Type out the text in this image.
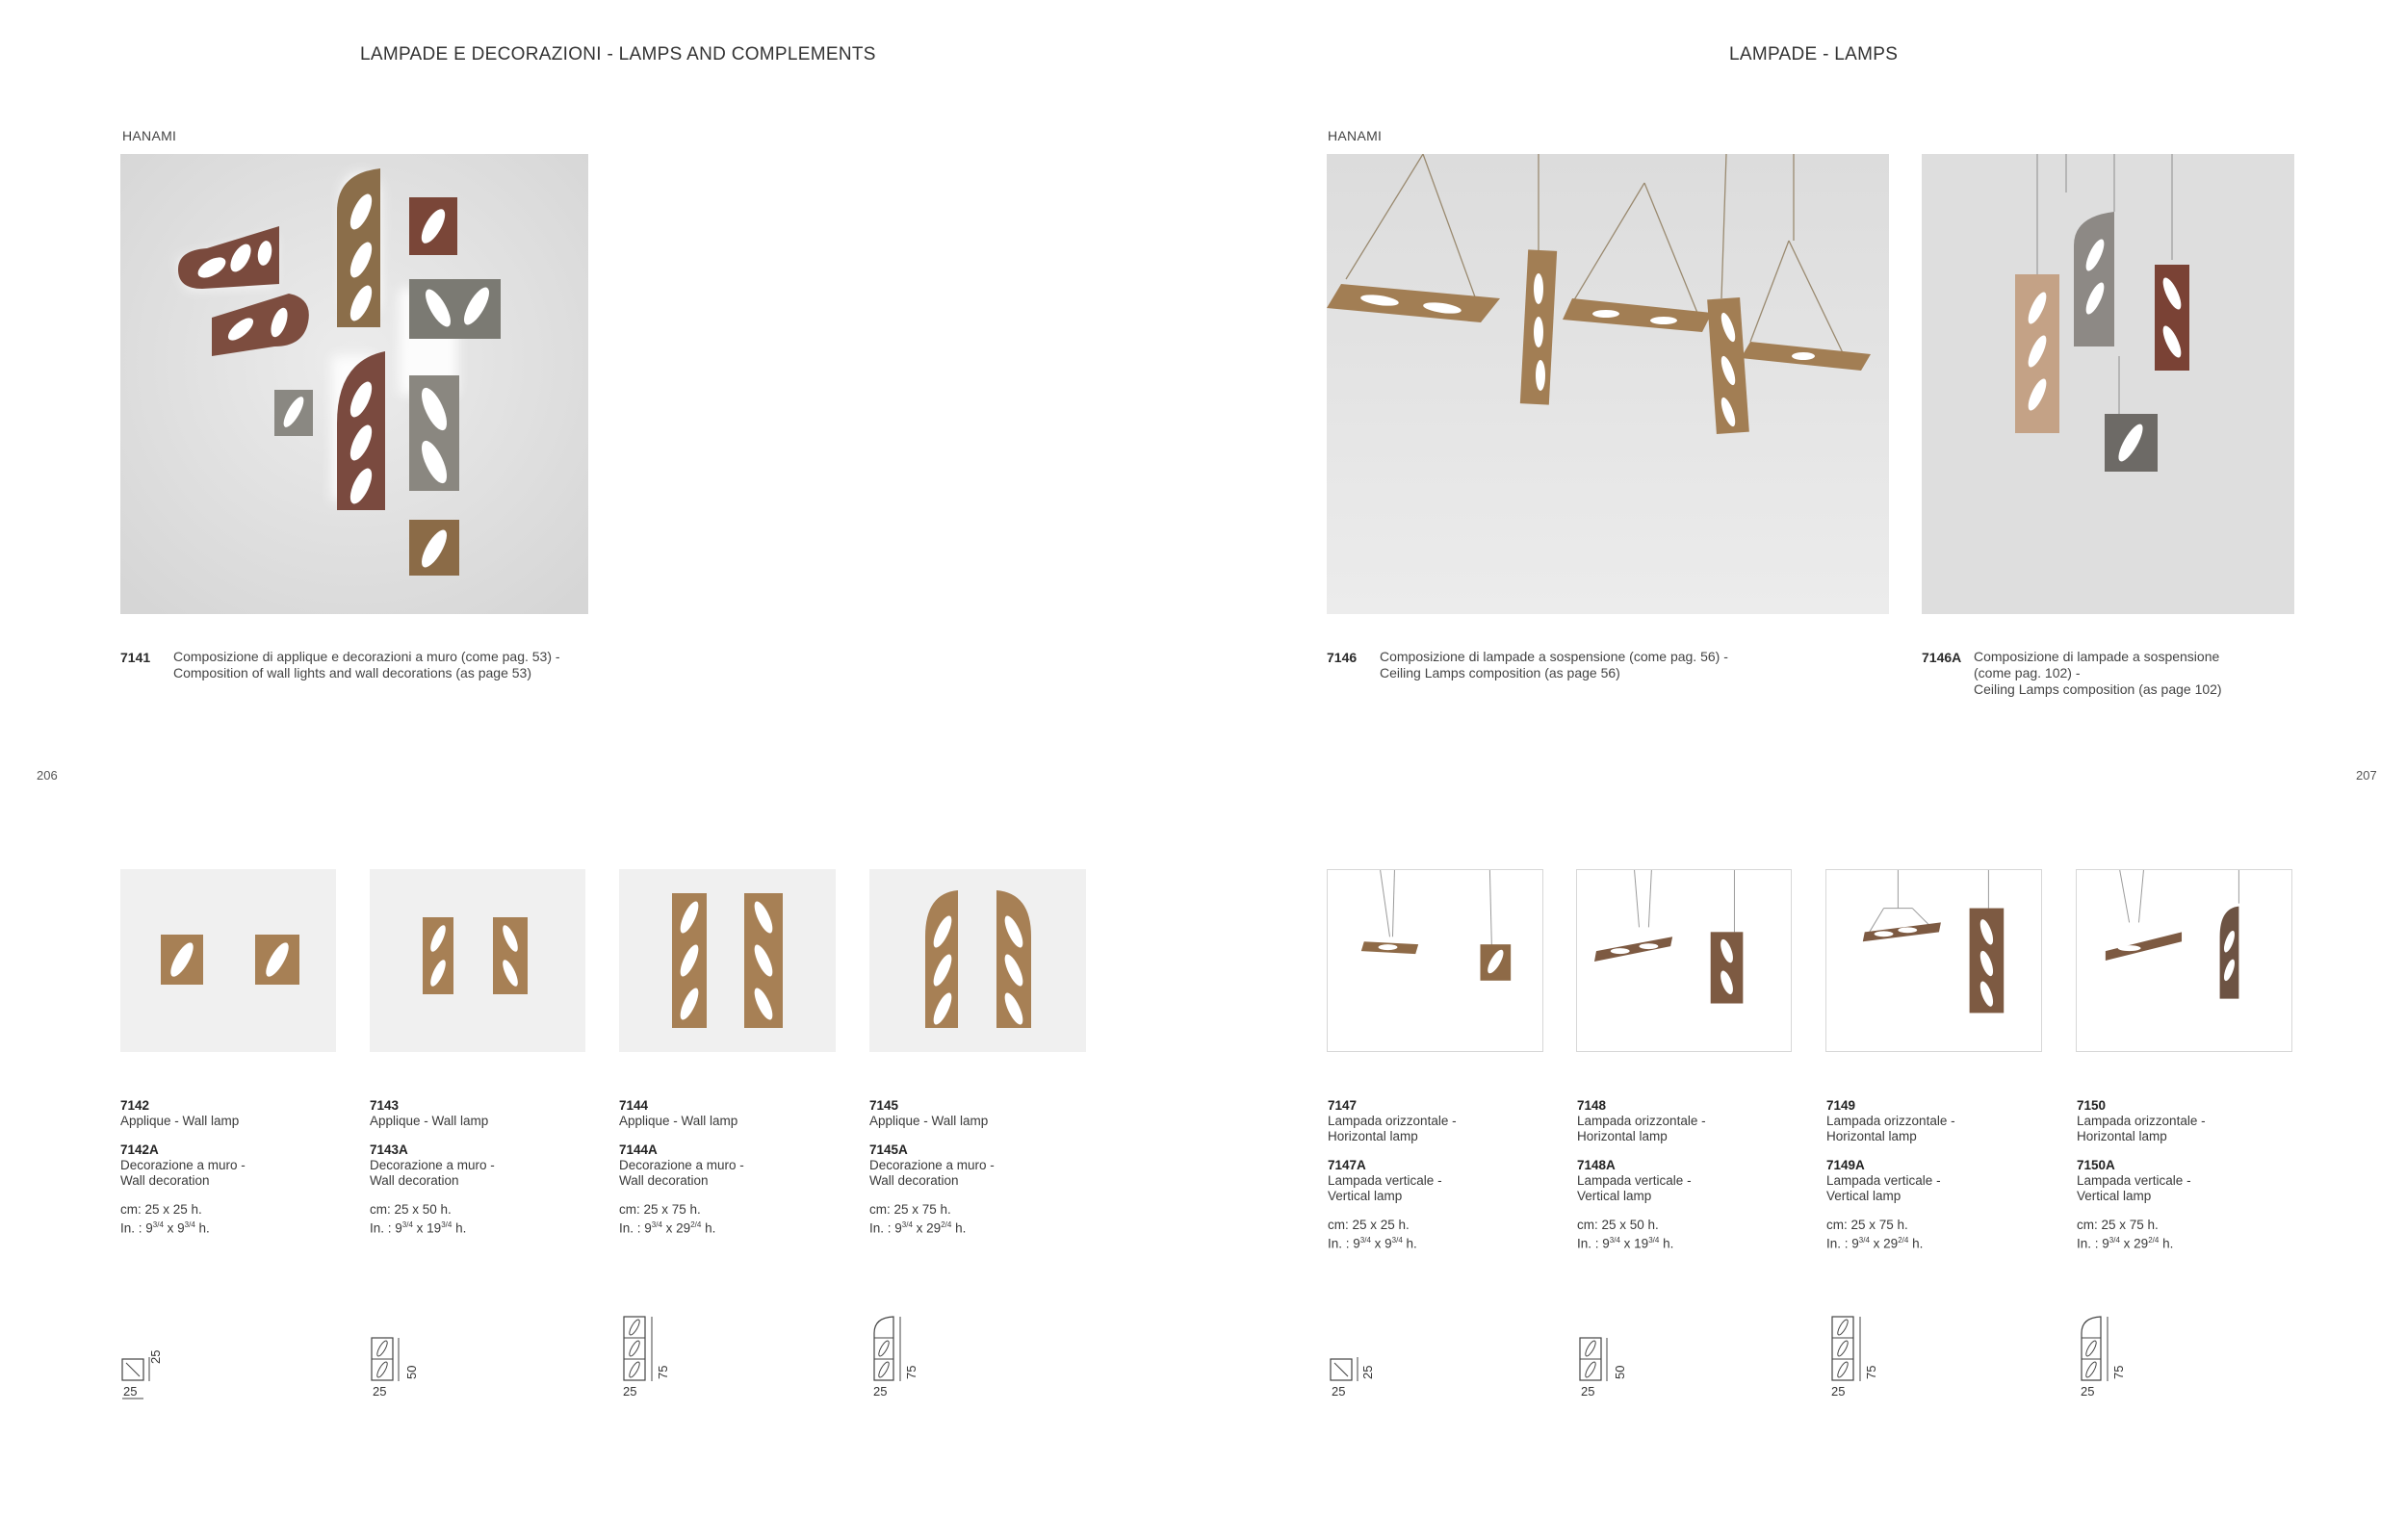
LAMPADE E DECORAZIONI - LAMPS AND COMPLEMENTS
HANAMI
7141 Composizione di applique e decorazioni a muro (come pag. 53) -
Composition of wall lights and wall decorations (as page 53)
206
7142
Applique - Wall lamp
7142A
Decorazione a muro -
Wall decoration
cm: 25 x 25 h.
In. : $9^{3/4}$ x $9^{3/4}$ h.
7143
Applique - Wall lamp
7143A
Decorazione a muro -
Wall decoration
cm: 25 x 50 h.
In. : $9^{3/4}$ x $19^{3/4}$ h.
7144
Applique - Wall lamp
7144A
Decorazione a muro -
Wall decoration
cm: 25 x 75 h.
In. : $9^{3/4}$ x $29^{2/4}$ h.
7145
Applique - Wall lamp
7145A
Decorazione a muro -
Wall decoration
cm: 25 x 75 h.
In. : $9^{3/4}$ x $29^{2/4}$ h.
25
25
25
50
25
75
25
75
LAMPADE - LAMPS
HANAMI
7146 Composizione di lampade a sospensione (come pag. 56) -
Ceiling Lamps composition (as page 56)
7146A Composizione di lampade a sospensione
(come pag. 102) -
Ceiling Lamps composition (as page 102)
207
7147
Lampada orizzontale -
Horizontal lamp
7147A
Lampada verticale -
Vertical lamp
cm: 25 x 25 h.
In. : $9^{3/4}$ x $9^{3/4}$ h.
7148
Lampada orizzontale -
Horizontal lamp
7148A
Lampada verticale -
Vertical lamp
cm: 25 x 50 h.
In. : $9^{3/4}$ x $19^{3/4}$ h.
7149
Lampada orizzontale -
Horizontal lamp
7149A
Lampada verticale -
Vertical lamp
cm: 25 x 75 h.
In. : $9^{3/4}$ x $29^{2/4}$ h.
7150
Lampada orizzontale -
Horizontal lamp
7150A
Lampada verticale -
Vertical lamp
cm: 25 x 75 h.
In. : $9^{3/4}$ x $29^{2/4}$ h.
25
25
25
50
25
75
25
75
